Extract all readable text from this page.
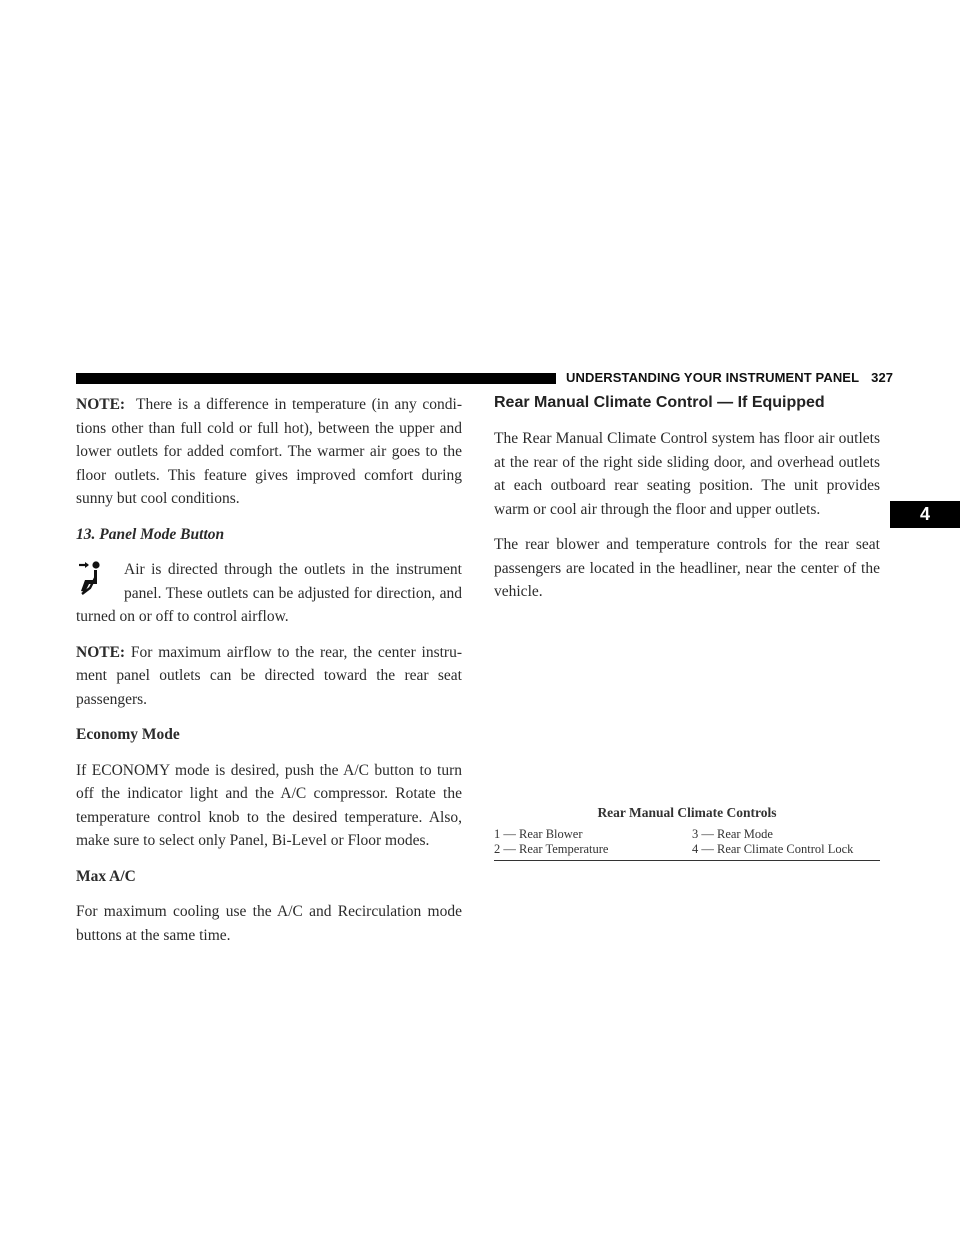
UNDERSTANDING YOUR INSTRUMENT PANEL 327
4

NOTE: There is a difference in temperature (in any condi- tions other than full cold or full hot), between the upper and lower outlets for added comfort. The warmer air goes to the floor outlets. This feature gives improved comfort during sunny but cool conditions.

13. Panel Mode Button
Air is directed through the outlets in the instrument panel. These outlets can be adjusted for direction, and turned on or off to control airflow.

NOTE: For maximum airflow to the rear, the center instru- ment panel outlets can be directed toward the rear seat passengers.

Economy Mode

If ECONOMY mode is desired, push the A/C button to turn off the indicator light and the A/C compressor. Rotate the temperature control knob to the desired temperature. Also, make sure to select only Panel, Bi-Level or Floor modes.

Max A/C

For maximum cooling use the A/C and Recirculation mode buttons at the same time.

Rear Manual Climate Control — If Equipped

The Rear Manual Climate Control system has floor air outlets at the rear of the right side sliding door, and overhead outlets at each outboard rear seating position. The unit provides warm or cool air through the floor and upper outlets.

The rear blower and temperature controls for the rear seat passengers are located in the headliner, near the center of the vehicle.

Rear Manual Climate Controls
1 — Rear Blower	3 — Rear Mode
2 — Rear Temperature	4 — Rear Climate Control Lock
